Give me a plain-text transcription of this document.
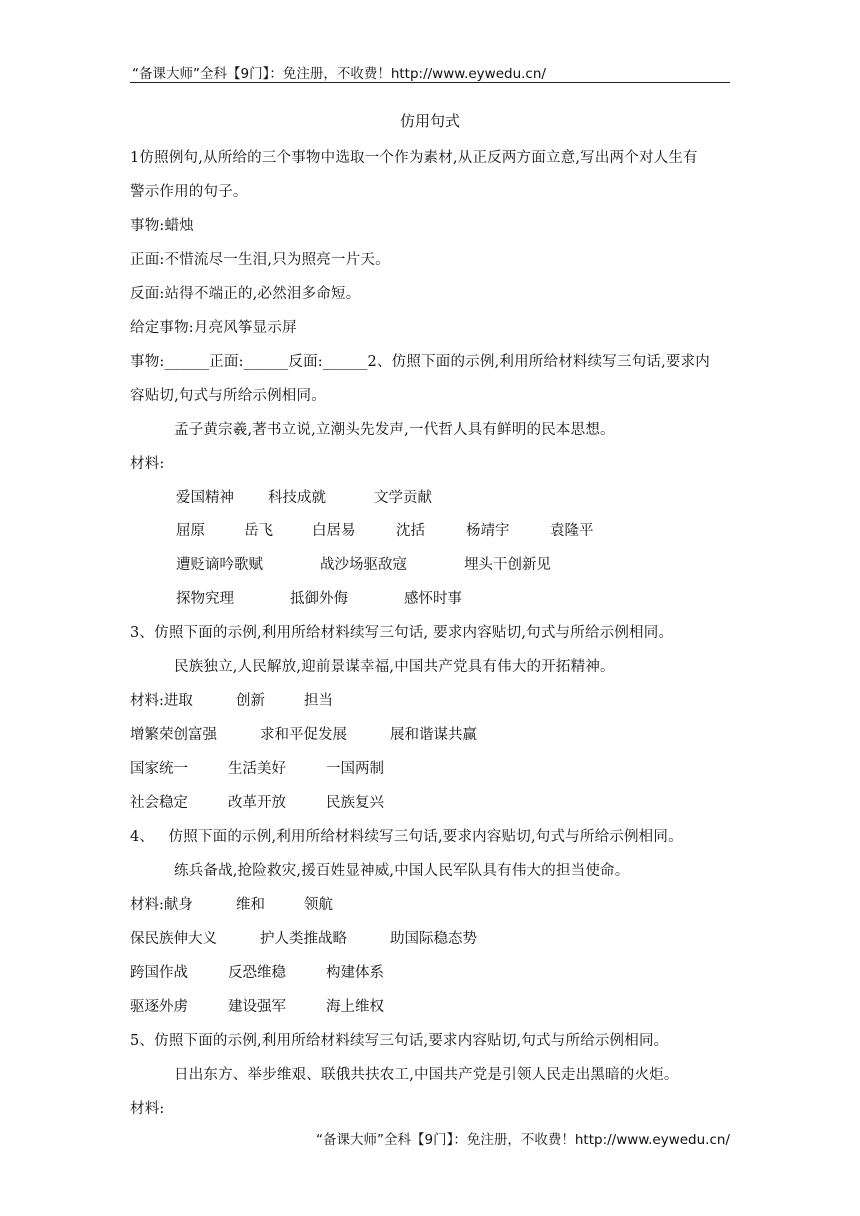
“备课大师”全科【9门】：免注册，不收费！http://www.eywedu.cn/
仿用句式
1仿照例句,从所给的三个事物中选取一个作为素材,从正反两方面立意,写出两个对人生有
警示作用的句子。
事物:蜡烛
正面:不惜流尽一生泪,只为照亮一片天。
反面:站得不端正的,必然泪多命短。
给定事物:月亮风筝显示屏
事物:______正面:______反面:______2、仿照下面的示例,利用所给材料续写三句话,要求内
容贴切,句式与所给示例相同。
孟子黄宗羲,著书立说,立潮头先发声,一代哲人具有鲜明的民本思想。
材料:
爱国精神	科技成就	文学贡献
屈原	岳飞	白居易	沈括	杨靖宇	袁隆平
遭贬谪吟歌赋	战沙场驱敌寇	埋头干创新见
探物究理	抵御外侮	感怀时事
3、仿照下面的示例,利用所给材料续写三句话, 要求内容贴切,句式与所给示例相同。
民族独立,人民解放,迎前景谋幸福,中国共产党具有伟大的开拓精神。
材料:进取	创新	担当
增繁荣创富强	求和平促发展	展和谐谋共赢
国家统一	生活美好	一国两制
社会稳定	改革开放	民族复兴
4、   仿照下面的示例,利用所给材料续写三句话,要求内容贴切,句式与所给示例相同。
练兵备战,抢险救灾,援百姓显神威,中国人民军队具有伟大的担当使命。
材料:献身	维和	领航
保民族伸大义	护人类推战略	助国际稳态势
跨国作战	反恐维稳	构建体系
驱逐外虏	建设强军	海上维权
5、仿照下面的示例,利用所给材料续写三句话,要求内容贴切,句式与所给示例相同。
日出东方、举步维艰、联俄共扶农工,中国共产党是引领人民走出黑暗的火炬。
材料:
“备课大师”全科【9门】：免注册，不收费！http://www.eywedu.cn/
